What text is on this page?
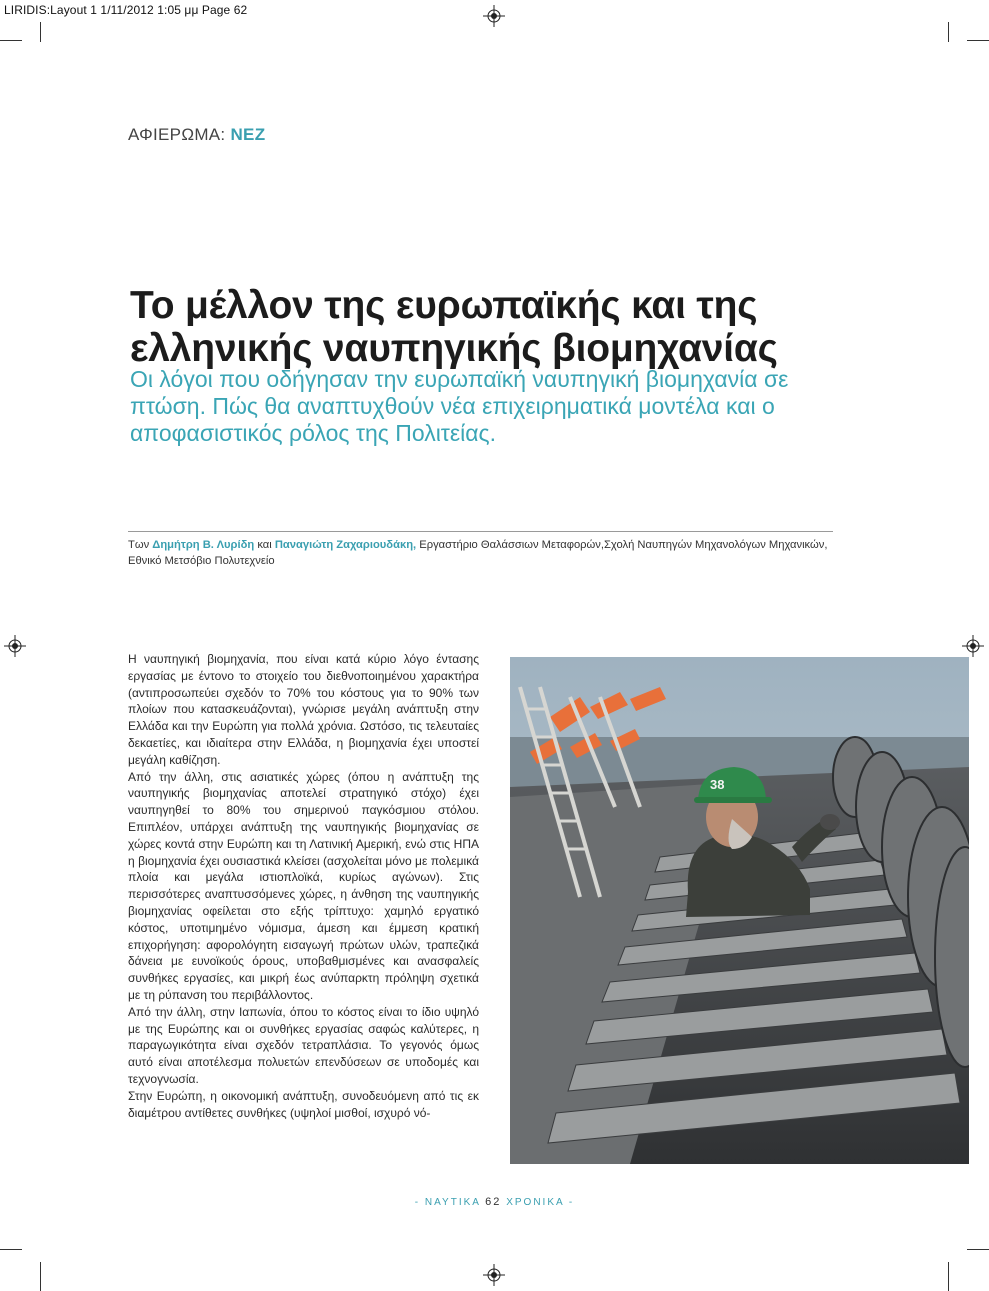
LIRIDIS:Layout 1 1/11/2012 1:05 μμ Page 62
ΑΦΙΕΡΩΜΑ: ΝΕΖ
Το μέλλον της ευρωπαϊκής και της ελληνικής ναυπηγικής βιομηχανίας

Οι λόγοι που οδήγησαν την ευρωπαϊκή ναυπηγική βιομηχανία σε πτώση. Πώς θα αναπτυχθούν νέα επιχειρηματικά μοντέλα και ο αποφασιστικός ρόλος της Πολιτείας.

Των Δημήτρη Β. Λυρίδη και Παναγιώτη Ζαχαριουδάκη, Εργαστήριο Θαλάσσιων Μεταφορών,Σχολή Ναυπηγών Μηχανολόγων Μηχανικών, Εθνικό Μετσόβιο Πολυτεχνείο

Η ναυπηγική βιομηχανία, που είναι κατά κύριο λόγο έντασης εργασίας με έντονο το στοιχείο του διεθνοποιημένου χαρακτήρα (αντιπροσωπεύει σχεδόν το 70% του κόστους για το 90% των πλοίων που κατασκευάζονται), γνώρισε μεγάλη ανάπτυξη στην Ελλάδα και την Ευρώπη για πολλά χρόνια. Ωστόσο, τις τελευταίες δεκαετίες, και ιδιαίτερα στην Ελλάδα, η βιομηχανία έχει υποστεί μεγάλη καθίζηση.

Από την άλλη, στις ασιατικές χώρες (όπου η ανάπτυξη της ναυπηγικής βιομηχανίας αποτελεί στρατηγικό στόχο) έχει ναυπηγηθεί το 80% του σημερινού παγκόσμιου στόλου. Επιπλέον, υπάρχει ανάπτυξη της ναυπηγικής βιομηχανίας σε χώρες κοντά στην Ευρώπη και τη Λατινική Αμερική, ενώ στις ΗΠΑ η βιομηχανία έχει ουσιαστικά κλείσει (ασχολείται μόνο με πολεμικά πλοία και μεγάλα ιστιοπλοϊκά, κυρίως αγώνων). Στις περισσότερες αναπτυσσόμενες χώρες, η άνθηση της ναυπηγικής βιομηχανίας οφείλεται στο εξής τρίπτυχο: χαμηλό εργατικό κόστος, υποτιμημένο νόμισμα, άμεση και έμμεση κρατική επιχορήγηση: αφορολόγητη εισαγωγή πρώτων υλών, τραπεζικά δάνεια με ευνοϊκούς όρους, υποβαθμισμένες και ανασφαλείς συνθήκες εργασίες, και μικρή έως ανύπαρκτη πρόληψη σχετικά με τη ρύπανση του περιβάλλοντος.

Από την άλλη, στην Ιαπωνία, όπου το κόστος είναι το ίδιο υψηλό με της Ευρώπης και οι συνθήκες εργασίας σαφώς καλύτερες, η παραγωγικότητα είναι σχεδόν τετραπλάσια. Το γεγονός όμως αυτό είναι αποτέλεσμα πολυετών επενδύσεων σε υποδομές και τεχνογνωσία.

Στην Ευρώπη, η οικονομική ανάπτυξη, συνοδευόμενη από τις εκ διαμέτρου αντίθετες συνθήκες (υψηλοί μισθοί, ισχυρό νό-

38
- ΝΑΥΤΙΚΑ 62 ΧΡΟΝΙΚΑ -
